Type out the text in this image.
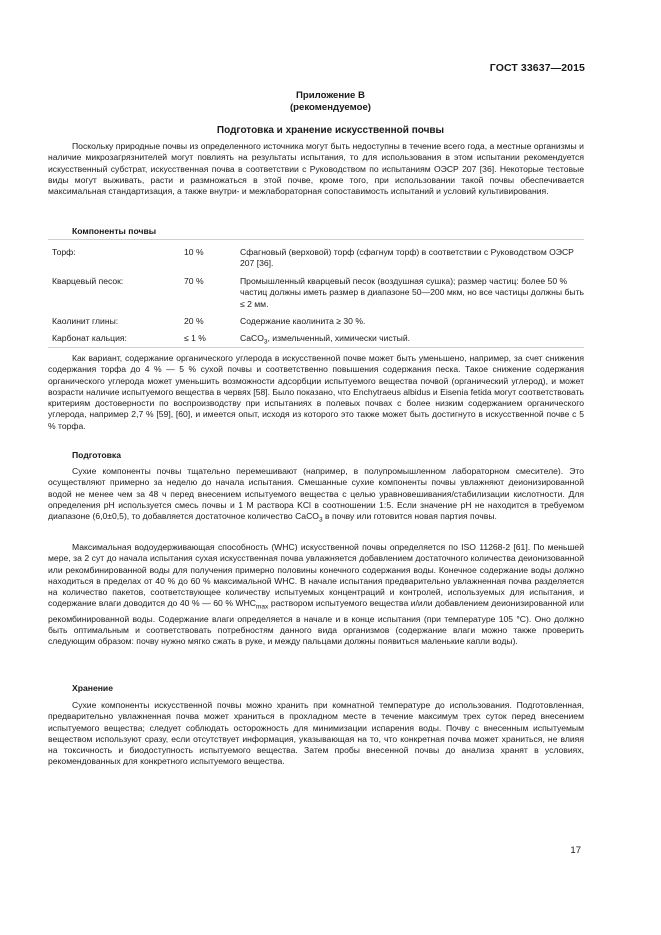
ГОСТ 33637—2015
Приложение В
(рекомендуемое)
Подготовка и хранение искусственной почвы

Поскольку природные почвы из определенного источника могут быть недоступны в течение всего года, а местные организмы и наличие микрозагрязнителей могут повлиять на результаты испытания, то для использования в этом испытании рекомендуется искусственный субстрат, искусственная почва в соответствии с Руководством по испытаниям ОЭСР 207 [36]. Некоторые тестовые виды могут выживать, расти и размножаться в этой почве, кроме того, при использовании такой почвы обеспечивается максимальная стандартизация, а также внутри- и межлабораторная сопоставимость испытаний и условий культивирования.

Компоненты почвы
Торф:	10 %	Сфагновый (верховой) торф (сфагнум торф) в соответствии с Руководством ОЭСР 207 [36].
Кварцевый песок:	70 %	Промышленный кварцевый песок (воздушная сушка); размер частиц: более 50 % частиц должны иметь размер в диапазоне 50—200 мкм, но все частицы должны быть ≤ 2 мм.
Каолинит глины:	20 %	Содержание каолинита ≥ 30 %.
Карбонат кальция:	≤ 1 %	CaCO$_3$, измельченный, химически чистый.

Как вариант, содержание органического углерода в искусственной почве может быть уменьшено, например, за счет снижения содержания торфа до 4 % — 5 % сухой почвы и соответственно повышения содержания песка. Такое снижение содержания органического углерода может уменьшить возможности адсорбции испытуемого вещества почвой (органический углерод), и может возрасти наличие испытуемого вещества в червях [58]. Было показано, что Enchytraeus albidus и Eisenia fetida могут соответствовать критериям достоверности по воспроизводству при испытаниях в полевых почвах с более низким содержанием органического углерода, например 2,7 % [59], [60], и имеется опыт, исходя из которого это также может быть достигнуто в искусственной почве с 5 % торфа.

Подготовка

Сухие компоненты почвы тщательно перемешивают (например, в полупромышленном лабораторном смесителе). Это осуществляют примерно за неделю до начала испытания. Смешанные сухие компоненты почвы увлажняют деионизированной водой не менее чем за 48 ч перед внесением испытуемого вещества с целью уравновешивания/стабилизации кислотности. Для определения pH используется смесь почвы и 1 М раствора KCl в соотношении 1:5. Если значение pH не находится в требуемом диапазоне (6,0±0,5), то добавляется достаточное количество CaCO$_3$ в почву или готовится новая партия почвы.

Максимальная водоудерживающая способность (WHC) искусственной почвы определяется по ISO 11268-2 [61]. По меньшей мере, за 2 сут до начала испытания сухая искусственная почва увлажняется добавлением достаточного количества деионизованной или рекомбинированной воды для получения примерно половины конечного содержания воды. Конечное содержание воды должно находиться в пределах от 40 % до 60 % максимальной WHC. В начале испытания предварительно увлажненная почва разделяется на количество пакетов, соответствующее количеству испытуемых концентраций и контролей, используемых для испытания, и содержание влаги доводится до 40 % — 60 % $WHC_{max}$ раствором испытуемого вещества и/или добавлением деионизированной или рекомбинированной воды. Содержание влаги определяется в начале и в конце испытания (при температуре 105 °С). Оно должно быть оптимальным и соответствовать потребностям данного вида организмов (содержание влаги можно также проверить следующим образом: почву нужно мягко сжать в руке, и между пальцами должны появиться маленькие капли воды).

Хранение

Сухие компоненты искусственной почвы можно хранить при комнатной температуре до использования. Подготовленная, предварительно увлажненная почва может храниться в прохладном месте в течение максимум трех суток перед внесением испытуемого вещества; следует соблюдать осторожность для минимизации испарения воды. Почву с внесенным испытуемым веществом используют сразу, если отсутствует информация, указывающая на то, что конкретная почва может храниться, не влияя на токсичность и биодоступность испытуемого вещества. Затем пробы внесенной почвы до анализа хранят в условиях, рекомендованных для конкретного испытуемого вещества.

17
